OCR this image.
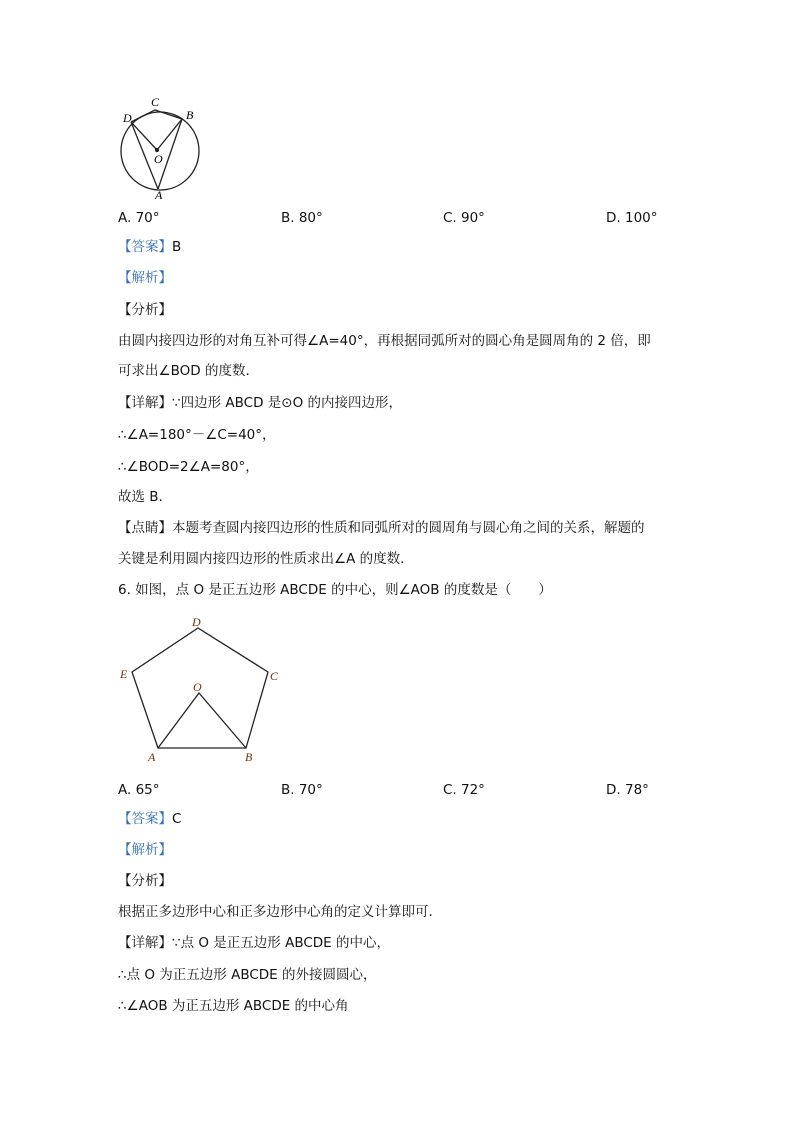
D
C
B
O
A
D
E	C
O
A	B
A. 70°	B. 80°	C. 90°	D. 100°
【答案】B
【解析】
【分析】
由圆内接四边形的对角互补可得∠A=40°，再根据同弧所对的圆心角是圆周角的 2 倍，即
可求出∠BOD 的度数.
【详解】∵四边形 ABCD 是⊙O 的内接四边形，
∴∠A=180°－∠C=40°，
∴∠BOD=2∠A=80°，
故选 B.
【点睛】本题考查圆内接四边形的性质和同弧所对的圆周角与圆心角之间的关系，解题的
关键是利用圆内接四边形的性质求出∠A 的度数.
6. 如图，点 O 是正五边形 ABCDE 的中心，则∠AOB 的度数是（　　）
A. 65°	B. 70°	C. 72°	D. 78°
【答案】C
【解析】
【分析】
根据正多边形中心和正多边形中心角的定义计算即可.
【详解】∵点 O 是正五边形 ABCDE 的中心，
∴点 O 为正五边形 ABCDE 的外接圆圆心，
∴∠AOB 为正五边形 ABCDE 的中心角
